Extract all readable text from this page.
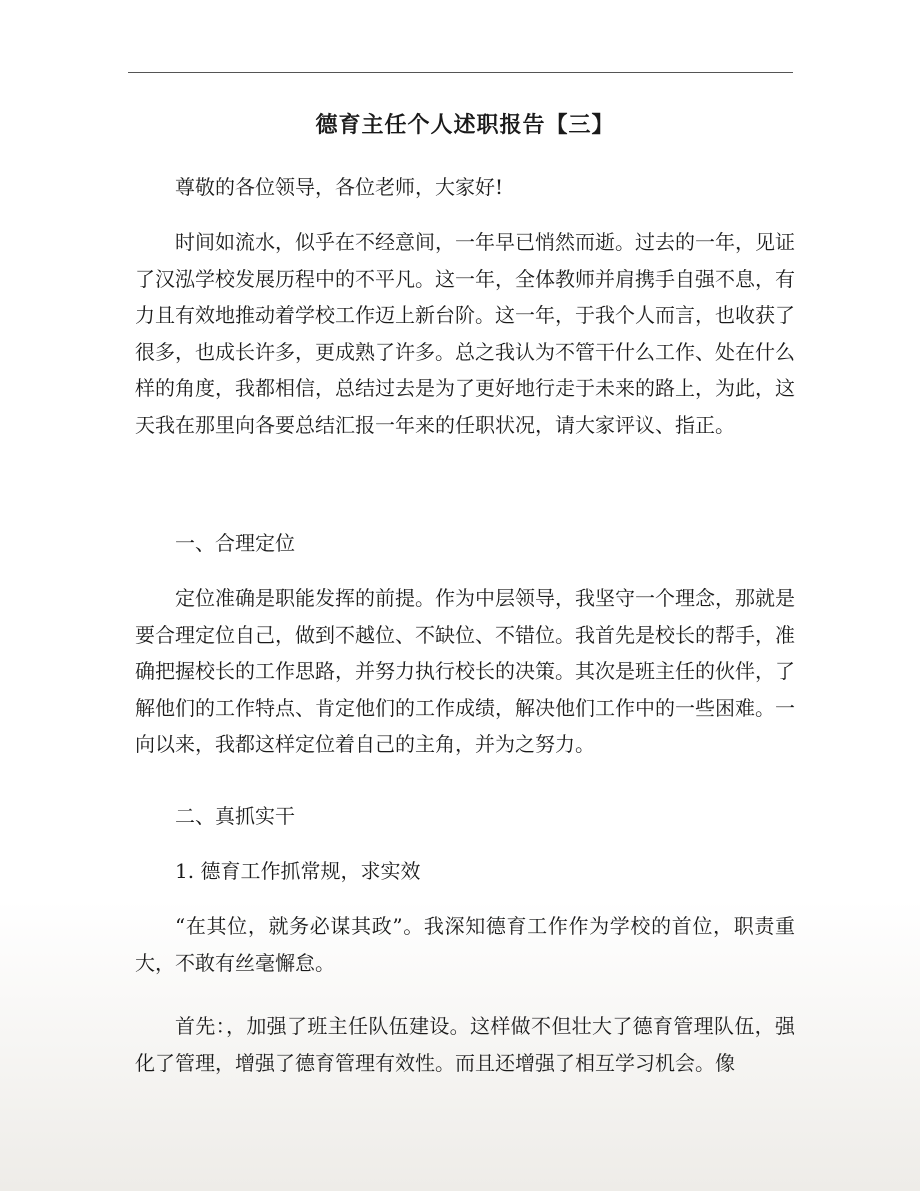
德育主任个人述职报告【三】

尊敬的各位领导，各位老师，大家好!

时间如流水，似乎在不经意间，一年早已悄然而逝。过去的一年，见证了汉泓学校发展历程中的不平凡。这一年，全体教师并肩携手自强不息，有力且有效地推动着学校工作迈上新台阶。这一年，于我个人而言，也收获了很多，也成长许多，更成熟了许多。总之我认为不管干什么工作、处在什么样的角度，我都相信，总结过去是为了更好地行走于未来的路上，为此，这天我在那里向各要总结汇报一年来的任职状况，请大家评议、指正。

一、合理定位

定位准确是职能发挥的前提。作为中层领导，我坚守一个理念，那就是要合理定位自己，做到不越位、不缺位、不错位。我首先是校长的帮手，准确把握校长的工作思路，并努力执行校长的决策。其次是班主任的伙伴，了解他们的工作特点、肯定他们的工作成绩，解决他们工作中的一些困难。一向以来，我都这样定位着自己的主角，并为之努力。

二、真抓实干

1. 德育工作抓常规，求实效

“在其位，就务必谋其政”。我深知德育工作作为学校的首位，职责重大，不敢有丝毫懈怠。

首先：，加强了班主任队伍建设。这样做不但壮大了德育管理队伍，强化了管理，增强了德育管理有效性。而且还增强了相互学习机会。像
